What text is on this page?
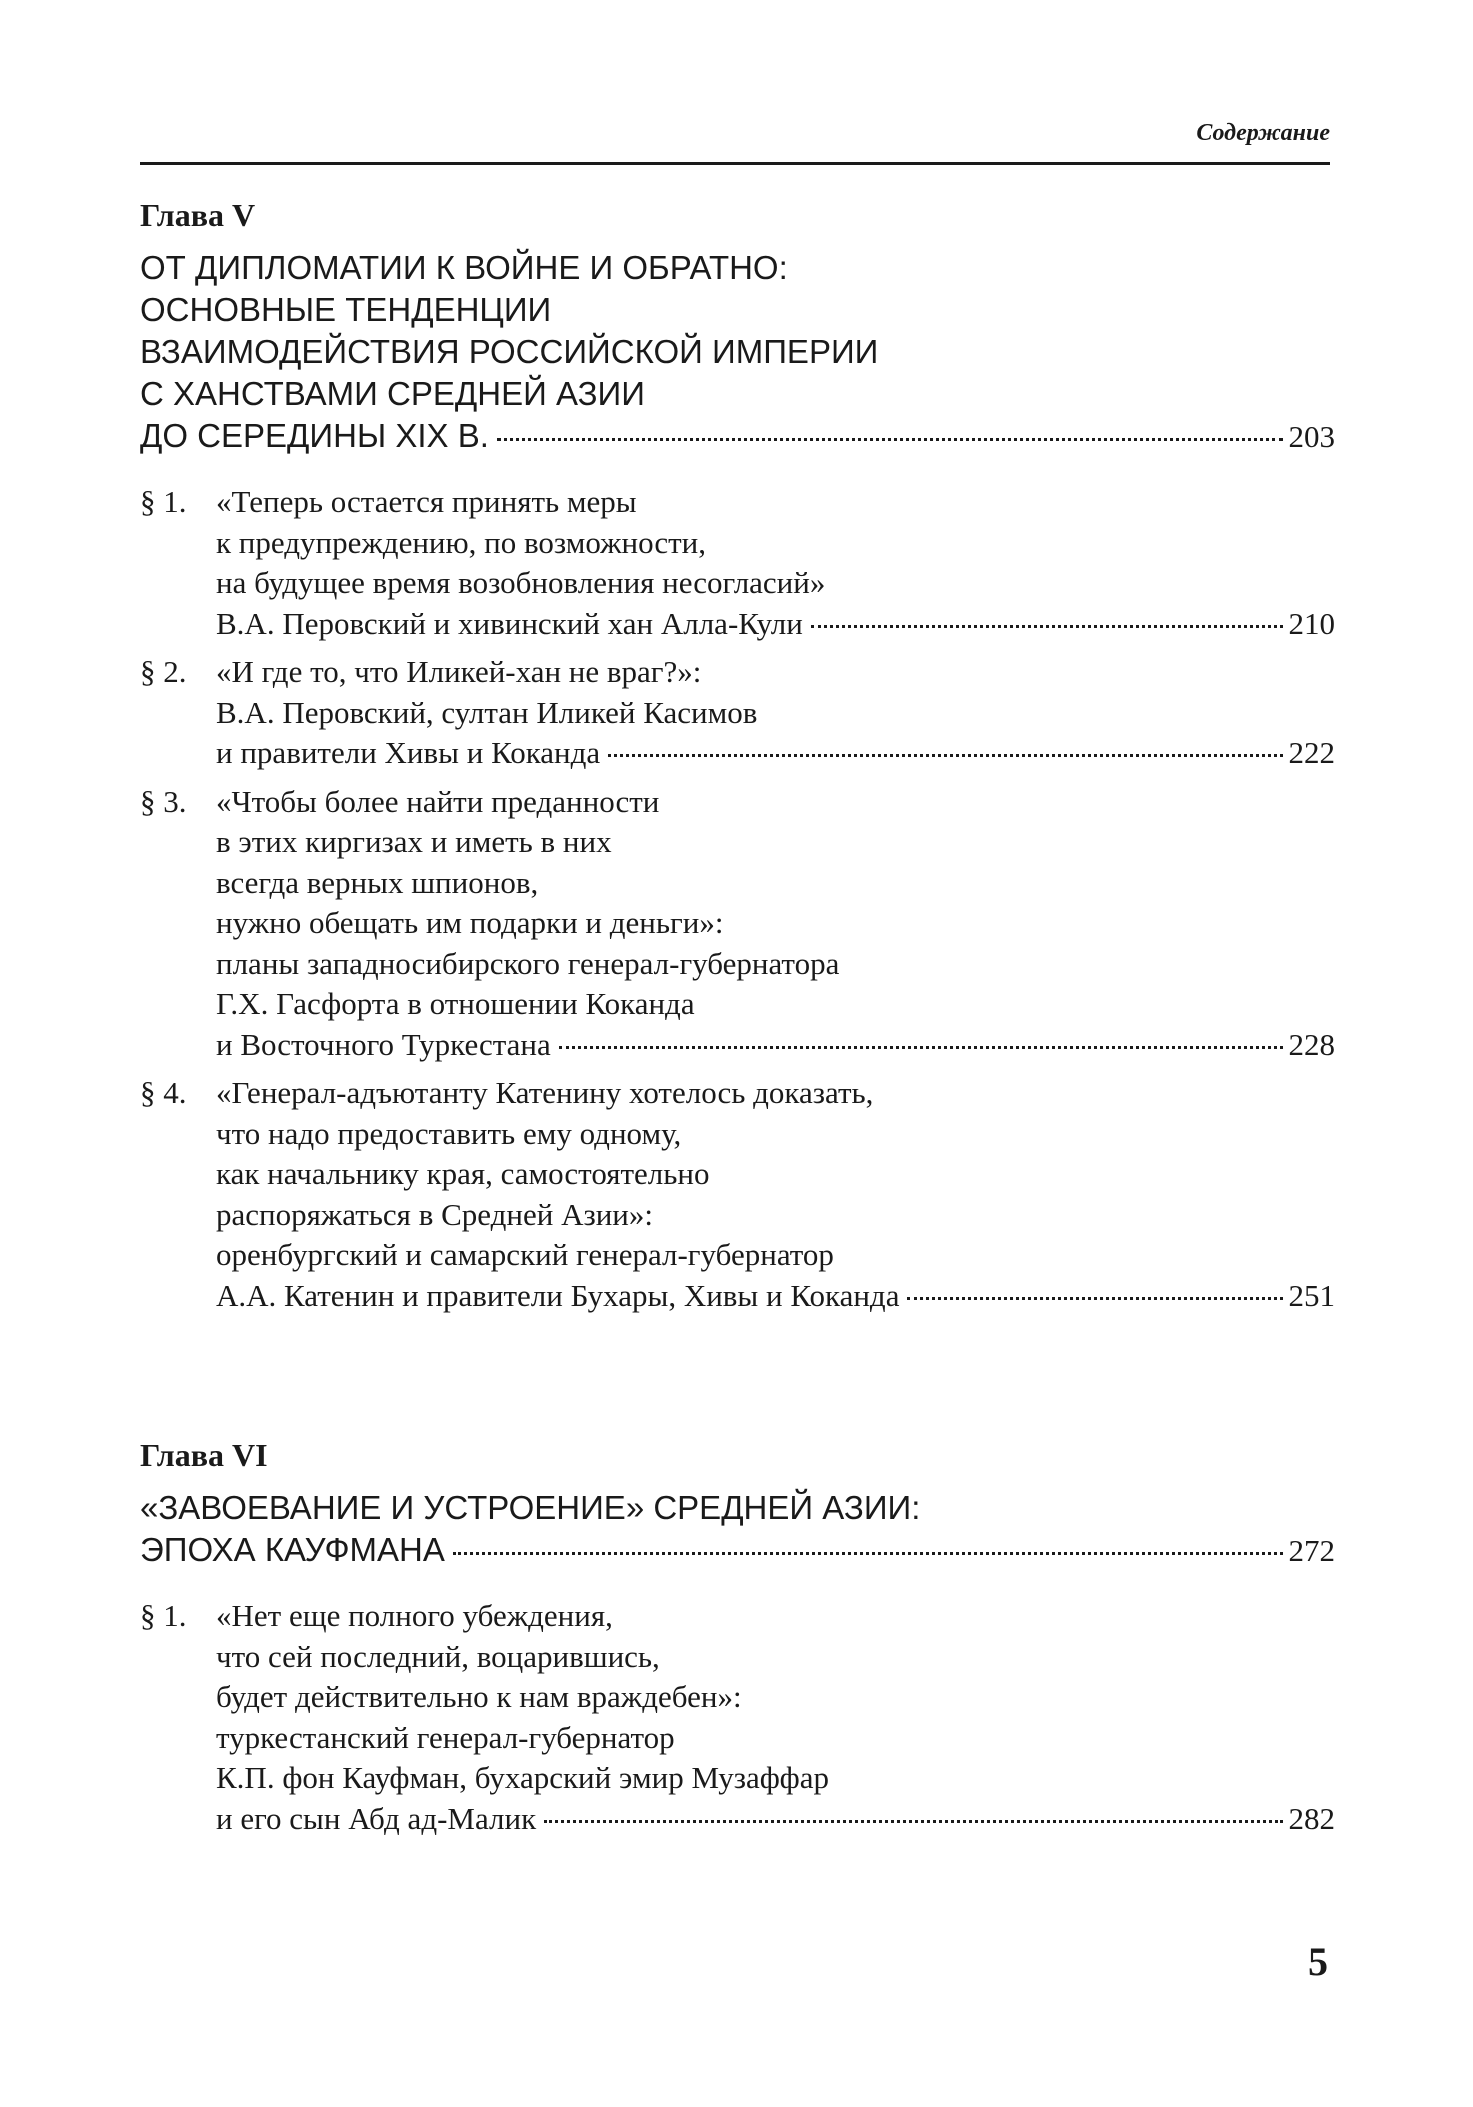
Содержание
Глава V
ОТ ДИПЛОМАТИИ К ВОЙНЕ И ОБРАТНО:
ОСНОВНЫЕ ТЕНДЕНЦИИ
ВЗАИМОДЕЙСТВИЯ РОССИЙСКОЙ ИМПЕРИИ
С ХАНСТВАМИ СРЕДНЕЙ АЗИИ
ДО СЕРЕДИНЫ XIX В.	203
§ 1. «Теперь остается принять меры
к предупреждению, по возможности,
на будущее время возобновления несогласий»
В.А. Перовский и хивинский хан Алла-Кули	210
§ 2. «И где то, что Иликей-хан не враг?»:
В.А. Перовский, султан Иликей Касимов
и правители Хивы и Коканда	222
§ 3. «Чтобы более найти преданности
в этих киргизах и иметь в них
всегда верных шпионов,
нужно обещать им подарки и деньги»:
планы западносибирского генерал-губернатора
Г.Х. Гасфорта в отношении Коканда
и Восточного Туркестана	228
§ 4. «Генерал-адъютанту Катенину хотелось доказать,
что надо предоставить ему одному,
как начальнику края, самостоятельно
распоряжаться в Средней Азии»:
оренбургский и самарский генерал-губернатор
А.А. Катенин и правители Бухары, Хивы и Коканда	251
Глава VI
«ЗАВОЕВАНИЕ И УСТРОЕНИЕ» СРЕДНЕЙ АЗИИ:
ЭПОХА КАУФМАНА	272
§ 1. «Нет еще полного убеждения,
что сей последний, воцарившись,
будет действительно к нам враждебен»:
туркестанский генерал-губернатор
К.П. фон Кауфман, бухарский эмир Музаффар
и его сын Абд ад-Малик	282
5
